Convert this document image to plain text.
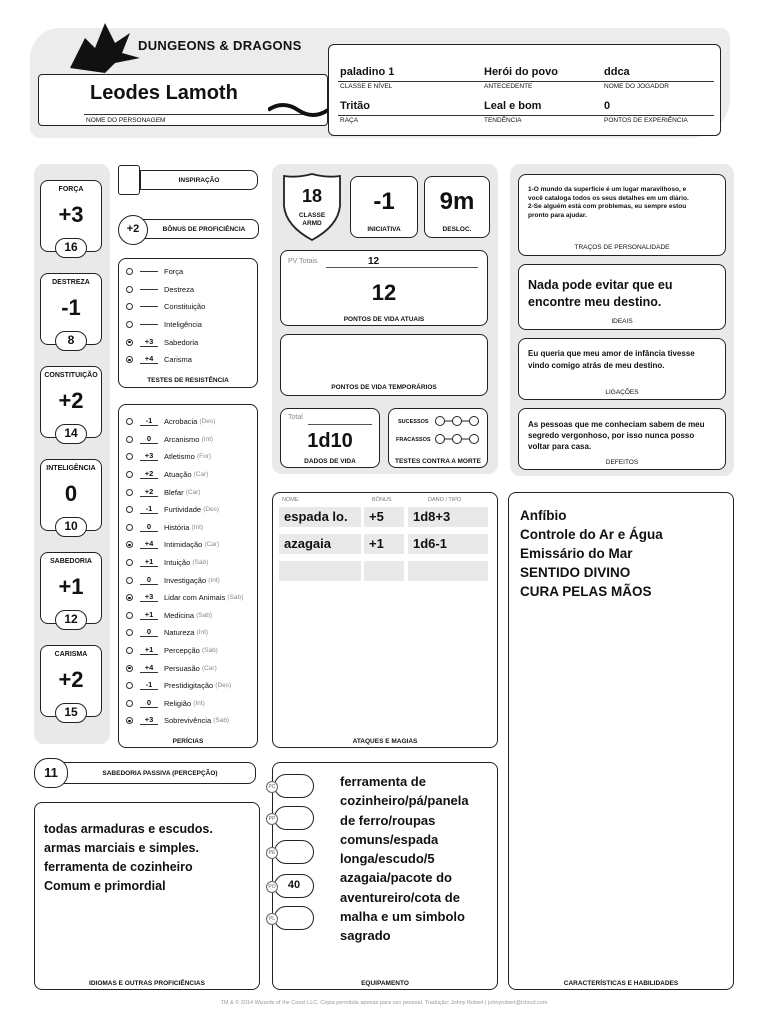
DUNGEONS & DRAGONS
Leodes Lamoth
NOME DO PERSONAGEM
paladino 1	Herói do povo	ddca
CLASSE E NÍVEL	ANTECEDENTE	NOME DO JOGADOR
Tritão	Leal e bom	0
RAÇA	TENDÊNCIA	PONTOS DE EXPERIÊNCIA
FORÇA
+3
16
DESTREZA
-1
8
CONSTITUIÇÃO
+2
14
INTELIGÊNCIA
0
10
SABEDORIA
+1
12
CARISMA
+2
15
INSPIRAÇÃO
+2	BÔNUS DE PROFICIÊNCIA
Força
Destreza
Constituição
Inteligência
+3	Sabedoria
+4	Carisma
TESTES DE RESISTÊNCIA
-1	Acrobacia
(Des)
0	Arcanismo
(Int)
+3	Atletismo
(For)
+2	Atuação
(Car)
+2	Blefar
(Car)
-1	Furtividade
(Des)
0	História
(Int)
+4	Intimidação
(Car)
+1	Intuição
(Sab)
0	Investigação
(Int)
+3	Lidar com Animais
(Sab)
+1	Medicina
(Sab)
0	Natureza
(Int)
+1	Percepção
(Sab)
+4	Persuasão
(Car)
-1	Prestidigitação
(Des)
0	Religião
(Int)
+3	Sobrevivência
(Sab)
PERÍCIAS
11	SABEDORIA PASSIVA (PERCEPÇÃO)
todas armaduras e escudos.
armas marciais e simples.
ferramenta de cozinheiro
Comum e primordial
IDIOMAS E OUTRAS PROFICIÊNCIAS
18
CLASSE ARMD
-1
INICIATIVA
9m
DESLOC.
PV Totais	12
12
PONTOS DE VIDA ATUAIS
PONTOS DE VIDA TEMPORÁRIOS
Total
1d10
DADOS DE VIDA
SUCESSOS
FRACASSOS
TESTES CONTRA A MORTE
NOME	BÔNUS	DANO / TIPO
espada lo.	+5	1d8+3
azagaia	+1	1d6-1
ATAQUES E MAGIAS
PC
PP
PE
40
PO
PL
ferramenta de
cozinheiro/pá/panela
de ferro/roupas
comuns/espada
longa/escudo/5
azagaia/pacote do
aventureiro/cota de
malha e um simbolo
sagrado
EQUIPAMENTO
1-O mundo da superfície é um lugar maravilhoso, e
você cataloga todos os seus detalhes em um diário.
2-Se alguém está com problemas, eu sempre estou
pronto para ajudar.
TRAÇOS DE PERSONALIDADE
Nada pode evitar que eu
encontre meu destino.
IDEAIS
Eu queria que meu amor de infância tivesse
vindo comigo atrás de meu destino.
LIGAÇÕES
As pessoas que me conheciam sabem de meu
segredo vergonhoso, por isso nunca posso
voltar para casa.
DEFEITOS
Anfíbio
Controle do Ar e Água
Emissário do Mar
SENTIDO DIVINO
CURA PELAS MÃOS
CARACTERÍSTICAS E HABILIDADES
TM & © 2014 Wizards of the Coast LLC. Cópia permitida apenas para uso pessoal. Tradução: Johny Robert | johnyrobert@icloud.com
